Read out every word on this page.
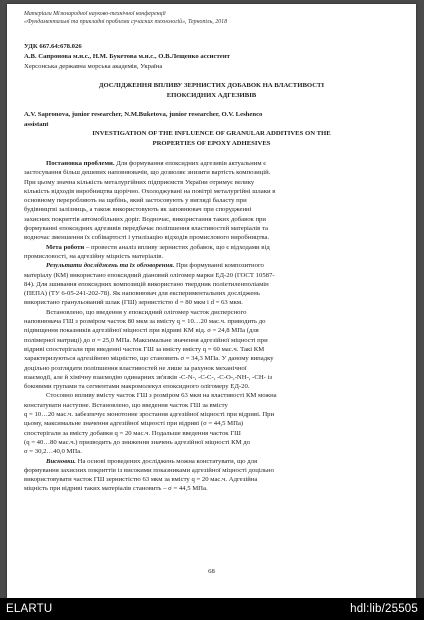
Матеріали Міжнародної науково-технічної конференції
«Фундаментальні та прикладні проблеми сучасних технологій», Тернопіль, 2018
УДК 667.64:678.026
А.В. Сапронова м.н.с., Н.М. Букетова м.н.с., О.В.Лещенко ассистент
Херсонська державна морська академія, Україна
ДОСЛІДЖЕННЯ ВПЛИВУ ЗЕРНИСТИХ ДОБАВОК НА ВЛАСТИВОСТІ
ЕПОКСИДНИХ АДГЕЗИВІВ
A.V. Sapronova, junior researcher, N.M.Buketova, junior researcher, O.V. Leshenco
assistant
INVESTIGATION OF THE INFLUENCE OF GRANULAR ADDITIVES ON THE
PROPERTIES OF EPOXY ADHESIVES
Постановка проблеми. Для формування епоксидних адгезивів актуальним є
застосування більш дешевих наповнювачів, що дозволяє знизити вартість композицій.
При цьому значна кількість металургійних підприємств України отримує велику
кількість відходів виробництва щорічно. Охолоджувані на повітрі металургійні шлаки в
основному переробляють на щебінь, який застосовують у вигляді баласту при
будівництві залізниць, а також використовують як заповнювач при спорудженні
захисних покриттів автомобільних доріг. Водночас, використання таких добавок при
формуванні епоксидних адгезивів передбачає поліпшення властивостей матеріалів та
водночас зменшення їх собівартості і утилізацію відходів промислового виробництва.
Мета роботи – провести аналіз впливу зернистих добавок, що є відходами від
промисловості, на адгезійну міцність матеріалів.
Результати досліджень та їх обговорення. При формуванні композитного
матеріалу (КМ) використано епоксидний діановий олігомер марки ЕД-20 (ГОСТ 10587-
84). Для зшивання епоксидних композицій використано твердник поліетиленполіамін
(ПЕПА) (ТУ 6-05-241-202-78). Як наповнювач для експериментальних досліджень
використано гранульований шлак (ГШ) зернистістю d = 80 мкм і d = 63 мкм.
Встановлено, що введення у епоксидний олігомер часток дисперсного
наповнювача ГШ з розміром часток 80 мкм за вмісту q = 10…20 мас.ч. приводить до
підвищення показників адгезійної міцності при відриві КМ від. σ = 24,8 МПа (для
полімерної матриці) до σ = 25,0 МПа. Максимальне значення адгезійної міцності при
відриві спостерігали при введенні часток ГШ за вмісту вмісту q = 60 мас.ч. Такі КМ
характеризуються адгезійною міцністю, що становить σ = 34,3 МПа. У даному випадку
доцільно розглядати поліпшення властивостей не лише за рахунок механічної
взаємодії, але й хімічну взаємодію одинарних зв'язків -С-N-, -С-С-, -С-О-,-NН-, -СН- із
боковими групами та сегментами макромолекул епоксидного олігомеру ЕД-20.
Стосовно впливу вмісту часток ГШ з розміром 63 мкм на властивості КМ можна
констатувати наступне. Встановлено, що введення часток ГШ за вмісту
q = 10…20 мас.ч. забезпечує монотонне зростання адгезійної міцності при відриві. При
цьому, максимальне значення адгезійної міцності при відриві (σ = 44,5 МПа)
спостерігали за вмісту добавки q = 20 мас.ч. Подальше введення часток ГШ
(q = 40…80 мас.ч.) призводить до зниження значень адгезійної міцності КМ до
σ = 30,2…40,0 МПа.
Висновки. На основі проведених досліджень можна констатувати, що для
формування захисних покриттів із високими показниками адгезійної міцності доцільно
використовувати часток ГШ зернистістю 63 мкм за вмісту q = 20 мас.ч. Адгезійна
міцність при відриві таких матеріалів становить – σ = 44,5 МПа.
68
ELARTU	hdl:lib/25505
